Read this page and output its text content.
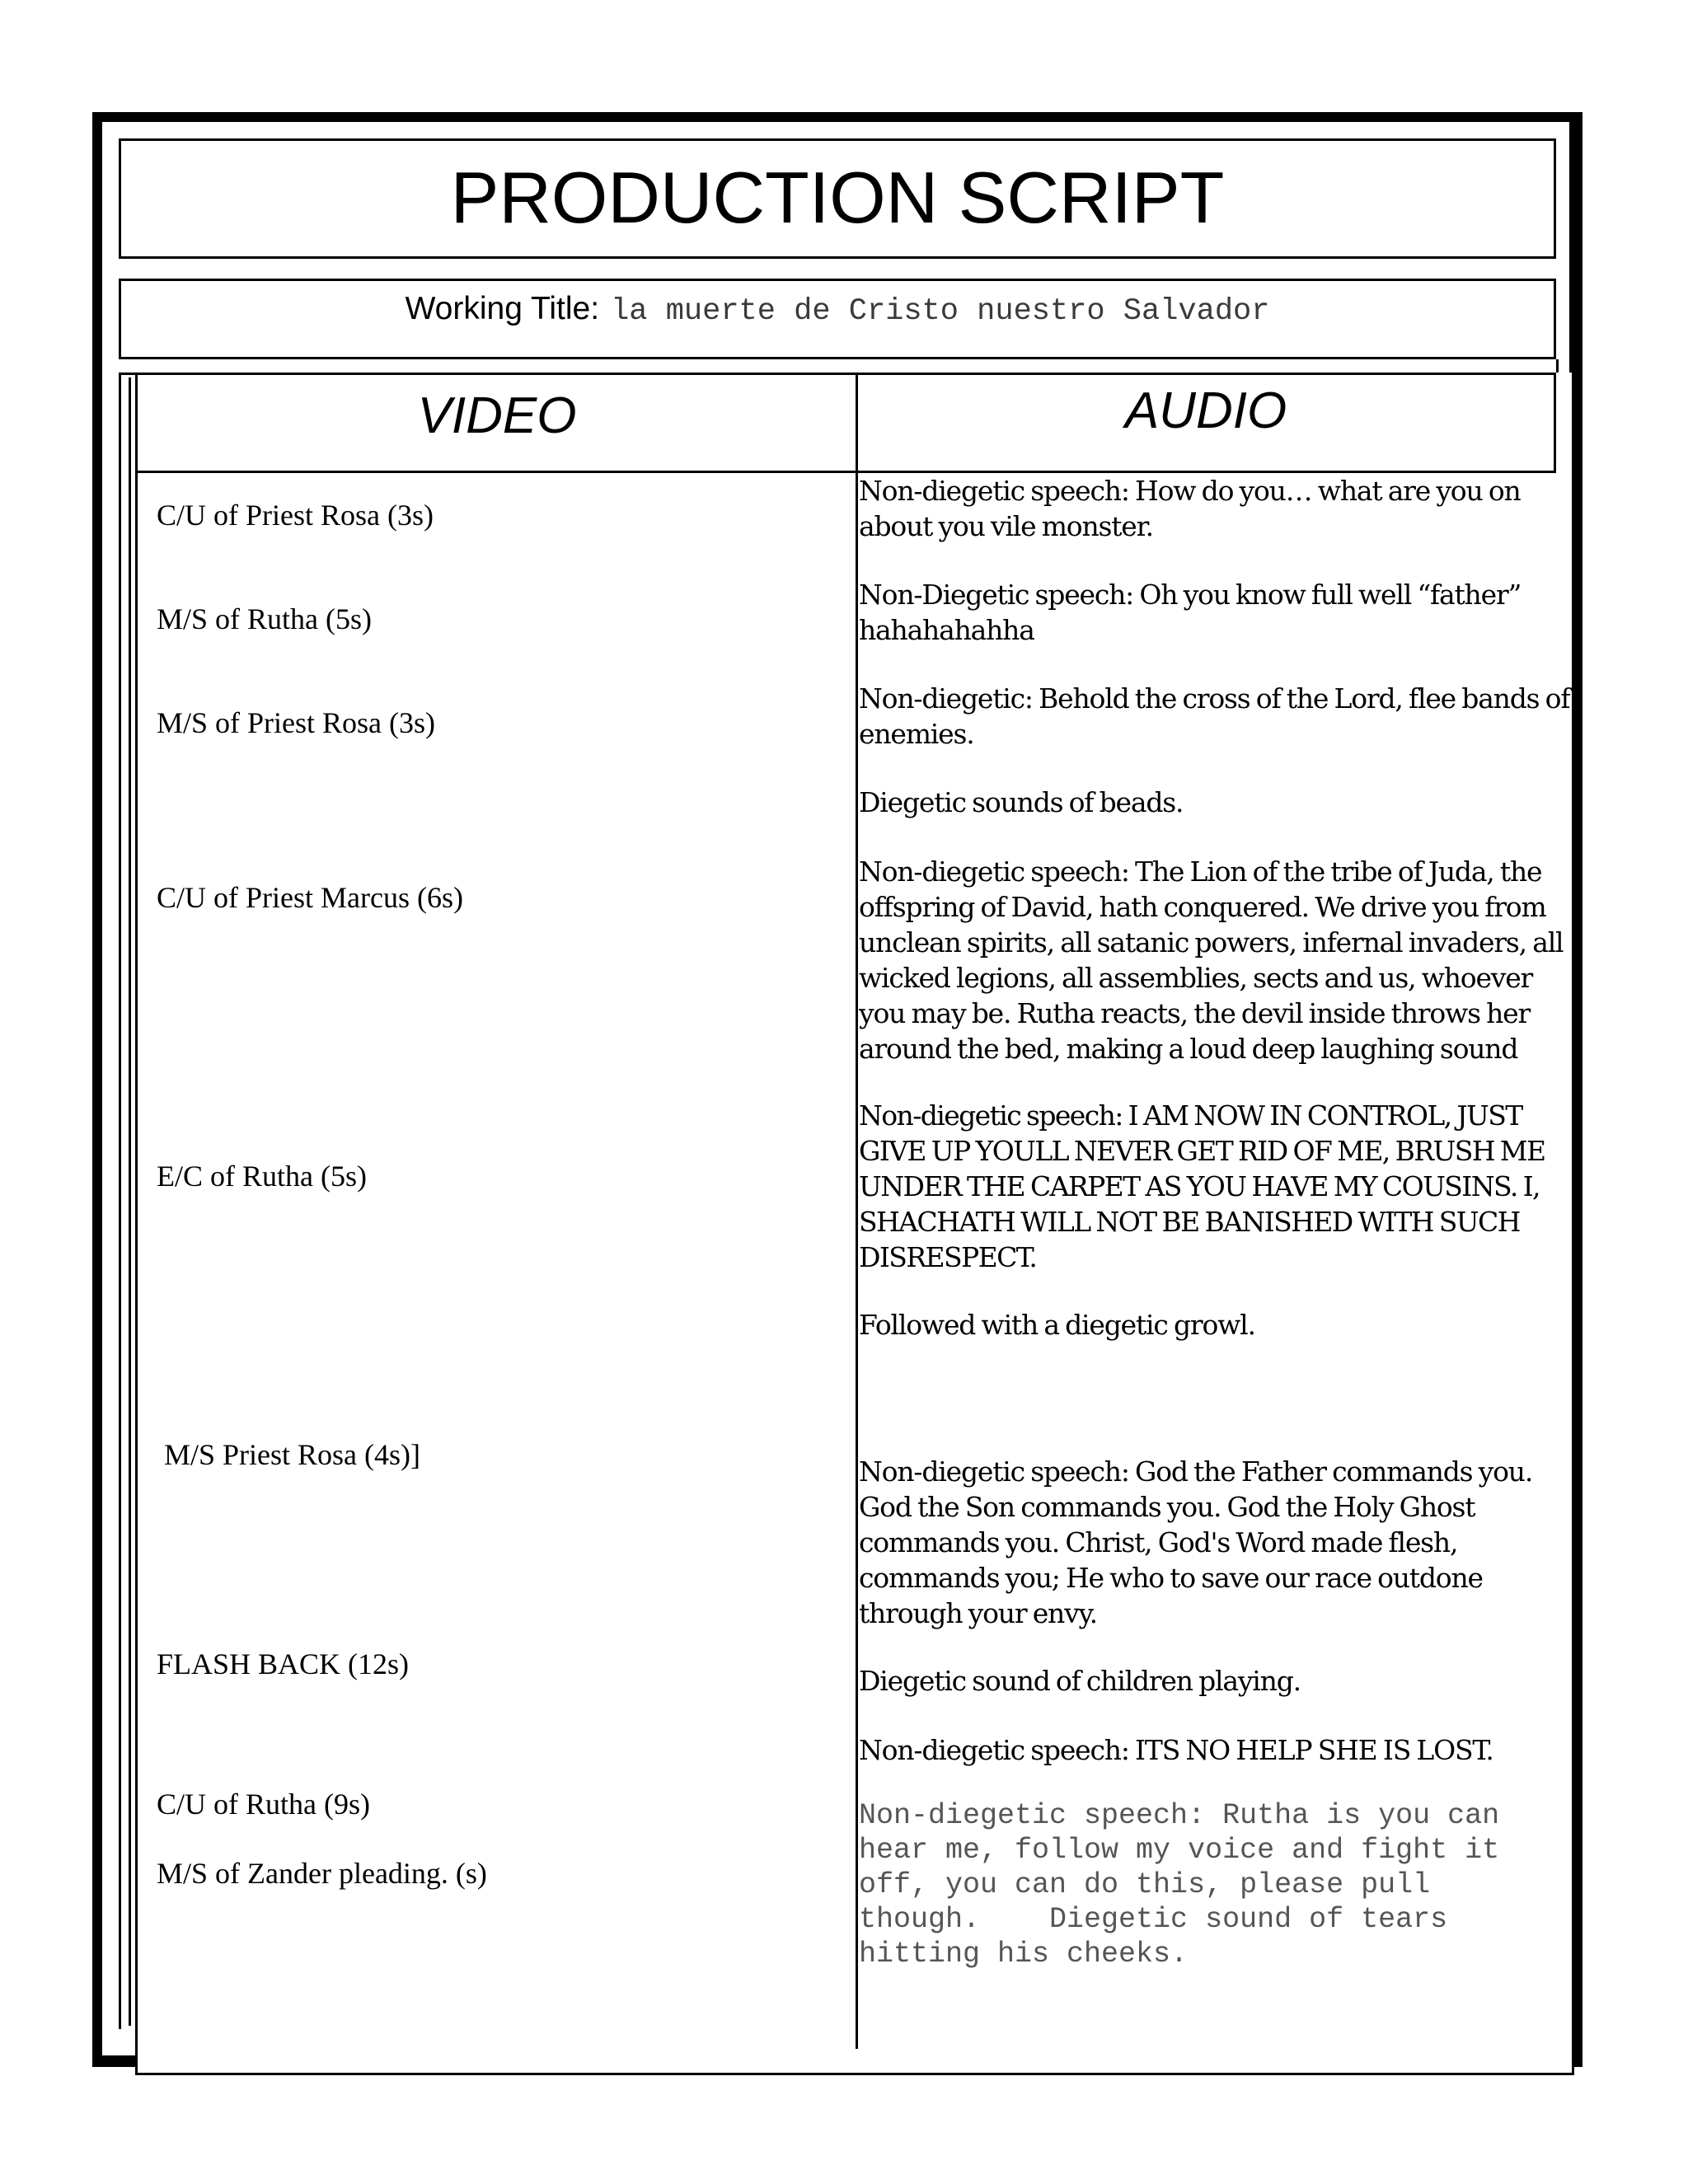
PRODUCTION SCRIPT
Working Title: la muerte de Cristo nuestro Salvador
VIDEO	AUDIO
C/U of Priest Rosa (3s)
M/S of Rutha (5s)
M/S of Priest Rosa (3s)
C/U of Priest Marcus (6s)
E/C of Rutha (5s)
M/S Priest Rosa (4s)]
FLASH BACK (12s)
C/U of Rutha (9s)
M/S of Zander pleading. (s)
Non-diegetic speech: How do you… what are you on about you vile monster.
Non-Diegetic speech: Oh you know full well “father” hahahahahha
Non-diegetic: Behold the cross of the Lord, flee bands of enemies.
Diegetic sounds of beads.
Non-diegetic speech: The Lion of the tribe of Juda, the offspring of David, hath conquered. We drive you from unclean spirits, all satanic powers, infernal invaders, all wicked legions, all assemblies, sects and us, whoever you may be. Rutha reacts, the devil inside throws her around the bed, making a loud deep laughing sound
Non-diegetic speech: I AM NOW IN CONTROL, JUST GIVE UP YOULL NEVER GET RID OF ME, BRUSH ME UNDER THE CARPET AS YOU HAVE MY COUSINS. I, SHACHATH WILL NOT BE BANISHED WITH SUCH DISRESPECT.
Followed with a diegetic growl.
Non-diegetic speech: God the Father commands you. God the Son commands you. God the Holy Ghost commands you. Christ, God's Word made flesh, commands you; He who to save our race outdone through your envy.
Diegetic sound of children playing.
Non-diegetic speech: ITS NO HELP SHE IS LOST.
Non-diegetic speech: Rutha is you can hear me, follow my voice and fight it off, you can do this, please pull though.    Diegetic sound of tears hitting his cheeks.
